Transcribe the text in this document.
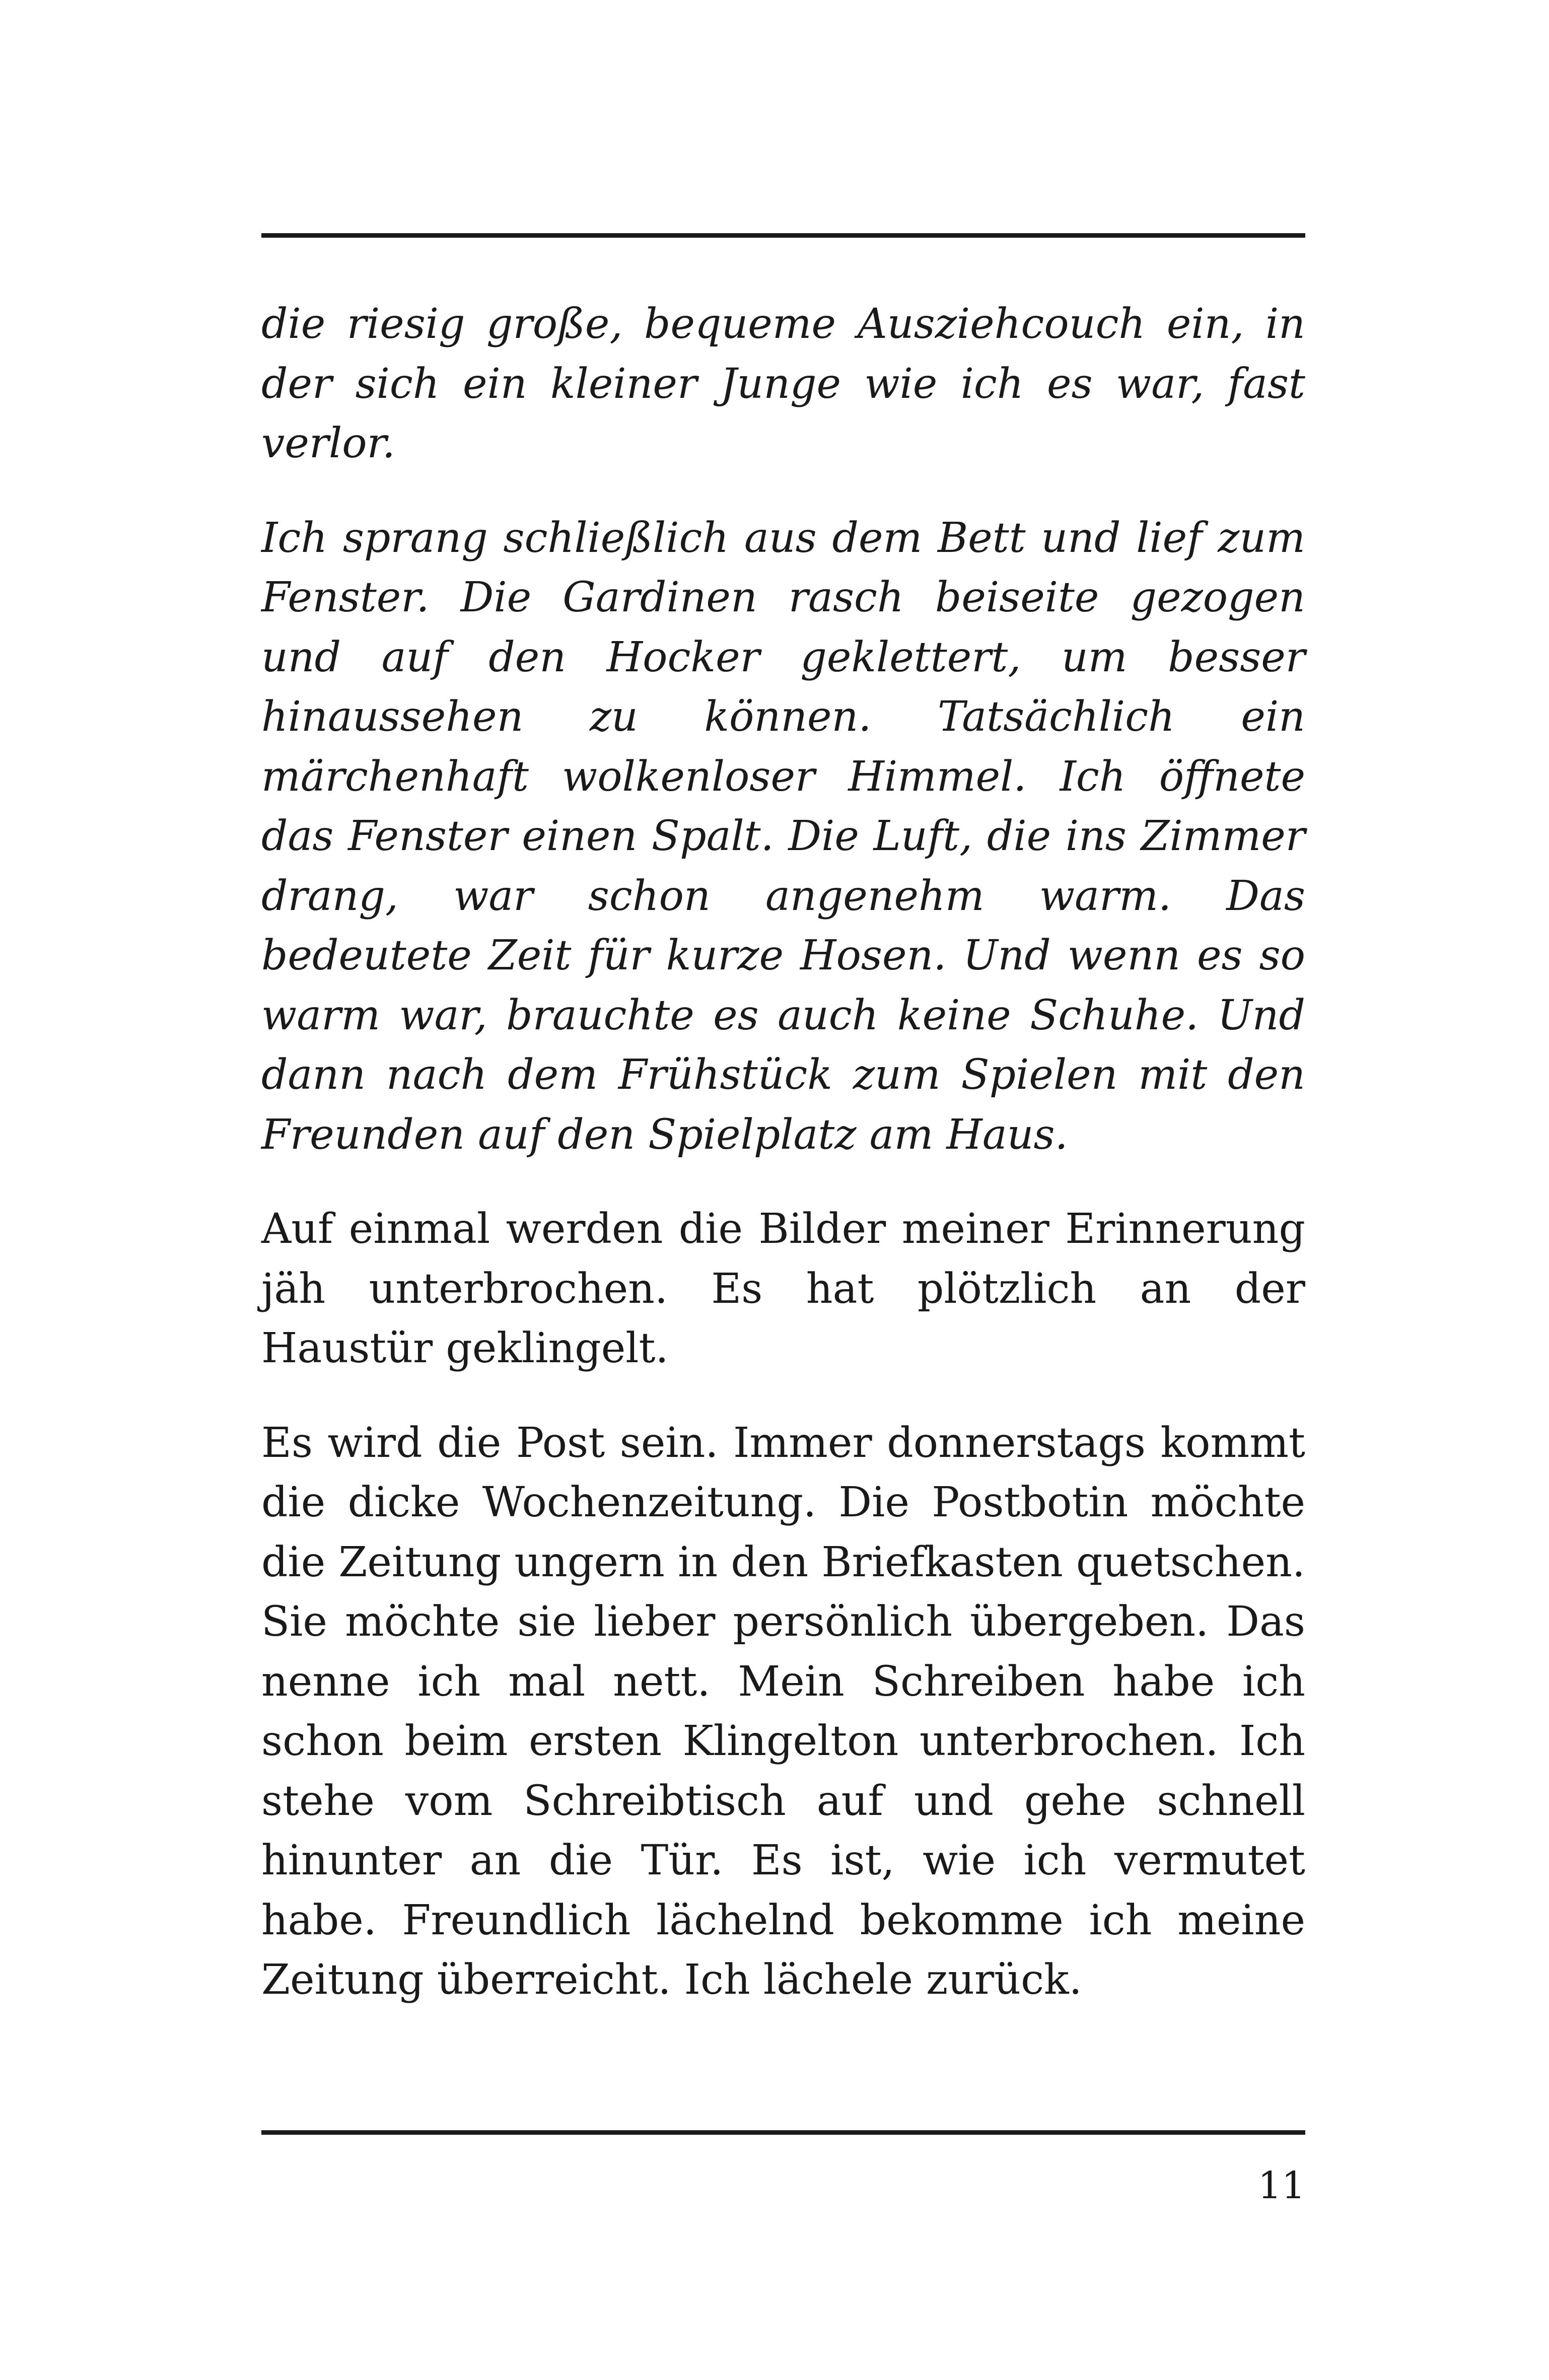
die riesig große, bequeme Ausziehcouch ein, in der sich ein kleiner Junge wie ich es war, fast verlor.

Ich sprang schließlich aus dem Bett und lief zum Fenster. Die Gardinen rasch beiseite gezogen und auf den Hocker geklettert, um besser hinaussehen zu können. Tatsächlich ein märchenhaft wolkenloser Himmel. Ich öffnete das Fenster einen Spalt. Die Luft, die ins Zimmer drang, war schon angenehm warm. Das bedeutete Zeit für kurze Hosen. Und wenn es so warm war, brauchte es auch keine Schuhe. Und dann nach dem Frühstück zum Spielen mit den Freunden auf den Spielplatz am Haus.

Auf einmal werden die Bilder meiner Erinnerung jäh unterbrochen. Es hat plötzlich an der Haustür geklingelt.

Es wird die Post sein. Immer donnerstags kommt die dicke Wochenzeitung. Die Postbotin möchte die Zeitung ungern in den Briefkasten quetschen. Sie möchte sie lieber persönlich übergeben. Das nenne ich mal nett. Mein Schreiben habe ich schon beim ersten Klingelton unterbrochen. Ich stehe vom Schreibtisch auf und gehe schnell hinunter an die Tür. Es ist, wie ich vermutet habe. Freundlich lächelnd bekomme ich meine Zeitung überreicht. Ich lächele zurück.

11
